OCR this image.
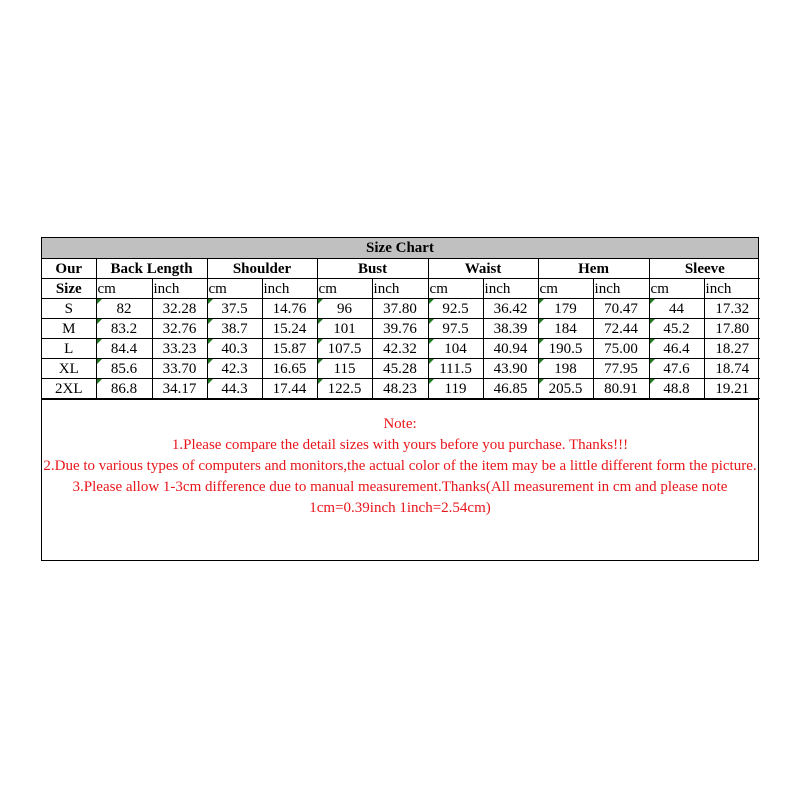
Size Chart
Our	Back Length		Shoulder		Bust		Waist		Hem		Sleeve	
Size	cm	inch	cm	inch	cm	inch	cm	inch	cm	inch	cm	inch
S	82	32.28	37.5	14.76	96	37.80	92.5	36.42	179	70.47	44	17.32
M	83.2	32.76	38.7	15.24	101	39.76	97.5	38.39	184	72.44	45.2	17.80
L	84.4	33.23	40.3	15.87	107.5	42.32	104	40.94	190.5	75.00	46.4	18.27
XL	85.6	33.70	42.3	16.65	115	45.28	111.5	43.90	198	77.95	47.6	18.74
2XL	86.8	34.17	44.3	17.44	122.5	48.23	119	46.85	205.5	80.91	48.8	19.21
Note:
1.Please compare the detail sizes with yours before you purchase. Thanks!!!
2.Due to various types of computers and monitors,the actual color of the item may be a little different form the picture.
3.Please allow 1-3cm difference due to manual measurement.Thanks(All measurement in cm and please note 1cm=0.39inch 1inch=2.54cm)
